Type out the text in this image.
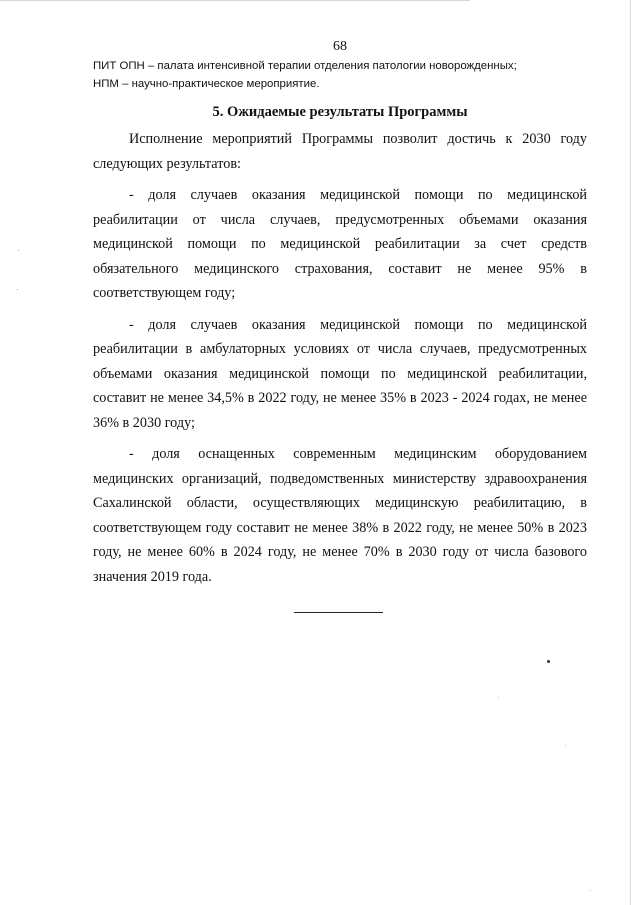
68
ПИТ ОПН – палата интенсивной терапии отделения патологии новорожденных;
НПМ – научно-практическое мероприятие.
5. Ожидаемые результаты Программы

Исполнение мероприятий Программы позволит достичь к 2030 году следующих результатов:

- доля случаев оказания медицинской помощи по медицинской реабилитации от числа случаев, предусмотренных объемами оказания медицинской помощи по медицинской реабилитации за счет средств обязательного медицинского страхования, составит не менее 95% в соответствующем году;

- доля случаев оказания медицинской помощи по медицинской реабилитации в амбулаторных условиях от числа случаев, предусмотренных объемами оказания медицинской помощи по медицинской реабилитации, составит не менее 34,5% в 2022 году, не менее 35% в 2023 - 2024 годах, не менее 36% в 2030 году;

- доля оснащенных современным медицинским оборудованием медицинских организаций, подведомственных министерству здравоохранения Сахалинской области, осуществляющих медицинскую реабилитацию, в соответствующем году составит не менее 38% в 2022 году, не менее 50% в 2023 году, не менее 60% в 2024 году, не менее 70% в 2030 году от числа базового значения 2019 года.
